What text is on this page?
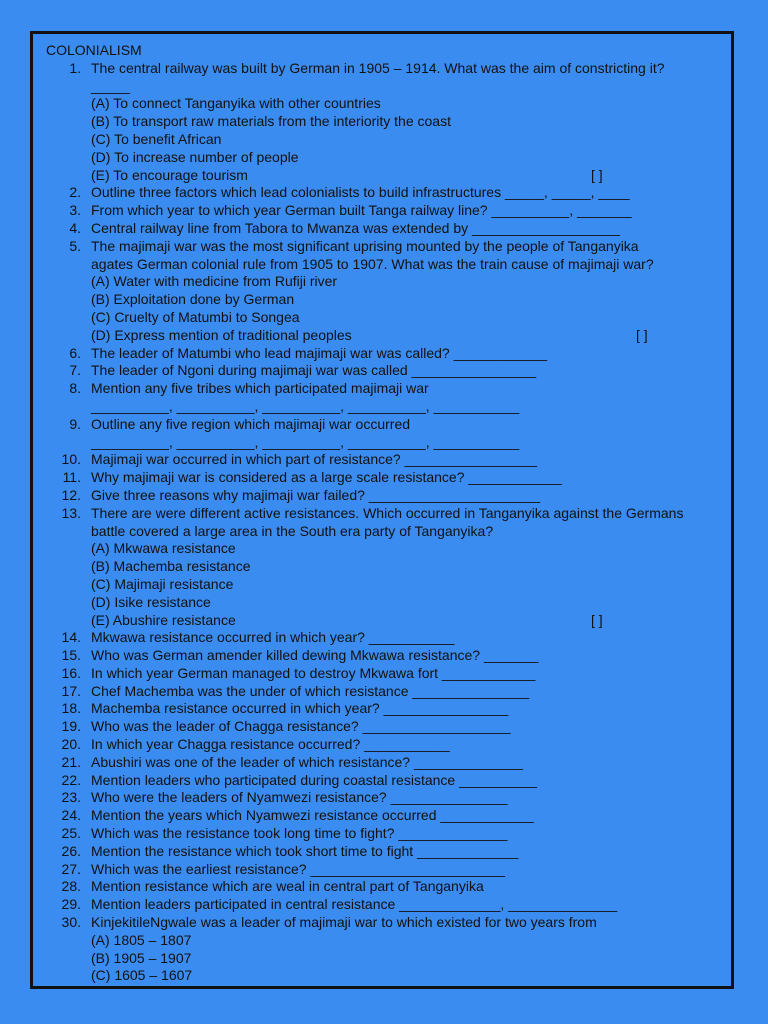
COLONIALISM
1. The central railway was built by German in 1905 – 1914. What was the aim of constricting it?
_____
(A) To connect Tanganyika with other countries
(B) To transport raw materials from the interiority the coast
(C) To benefit African
(D) To increase number of people
(E) To encourage tourism	[ ]
2. Outline three factors which lead colonialists to build infrastructures _____, _____, ____
3. From which year to which year German built Tanga railway line? __________, _______
4. Central railway line from Tabora to Mwanza was extended by ___________________
5. The majimaji war was the most significant uprising mounted by the people of Tanganyika
agates German colonial rule from 1905 to 1907. What was the train cause of majimaji war?
(A) Water with medicine from Rufiji river
(B) Exploitation done by German
(C) Cruelty of Matumbi to Songea
(D) Express mention of traditional peoples	[ ]
6. The leader of Matumbi who lead majimaji war was called? ____________
7. The leader of Ngoni during majimaji war was called ________________
8. Mention any five tribes which participated majimaji war
__________, __________, __________, __________, ___________
9. Outline any five region which majimaji war occurred
__________, __________, __________, __________, ___________
10. Majimaji war occurred in which part of resistance? _________________
11. Why majimaji war is considered as a large scale resistance? ____________
12. Give three reasons why majimaji war failed? ______________________
13. There are were different active resistances. Which occurred in Tanganyika against the Germans
battle covered a large area in the South era party of Tanganyika?
(A) Mkwawa resistance
(B) Machemba resistance
(C) Majimaji resistance
(D) Isike resistance
(E) Abushire resistance	[ ]
14. Mkwawa resistance occurred in which year? ___________
15. Who was German amender killed dewing Mkwawa resistance? _______
16. In which year German managed to destroy Mkwawa fort ____________
17. Chef Machemba was the under of which resistance _______________
18. Machemba resistance occurred in which year? ________________
19. Who was the leader of Chagga resistance? ___________________
20. In which year Chagga resistance occurred? ___________
21. Abushiri was one of the leader of which resistance? ______________
22. Mention leaders who participated during coastal resistance __________
23. Who were the leaders of Nyamwezi resistance? _______________
24. Mention the years which Nyamwezi resistance occurred ____________
25. Which was the resistance took long time to fight? ______________
26. Mention the resistance which took short time to fight _____________
27. Which was the earliest resistance? _________________________
28. Mention resistance which are weal in central part of Tanganyika
29. Mention leaders participated in central resistance _____________, ______________
30. KinjekitileNgwale was a leader of majimaji war to which existed for two years from
(A) 1805 – 1807
(B) 1905 – 1907
(C) 1605 – 1607
